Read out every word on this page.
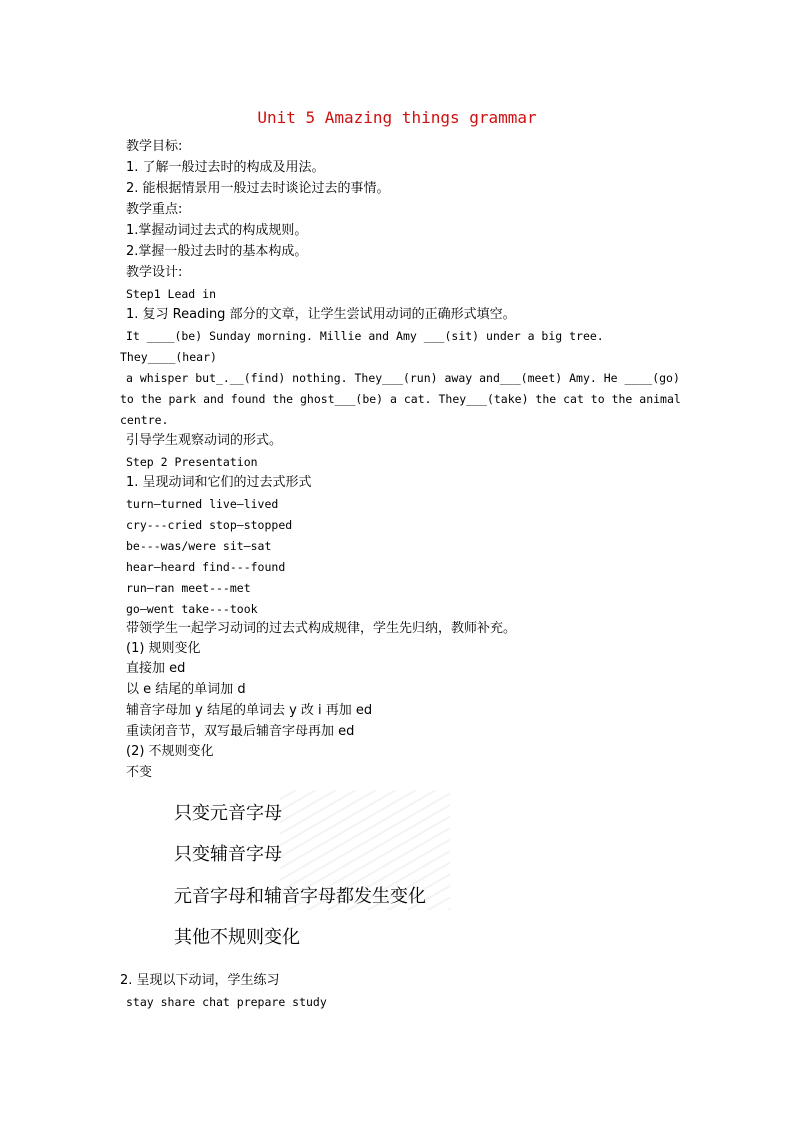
Unit 5 Amazing things grammar
教学目标:
1. 了解一般过去时的构成及用法。
2. 能根据情景用一般过去时谈论过去的事情。
教学重点:
1.掌握动词过去式的构成规则。
2.掌握一般过去时的基本构成。
教学设计:
Step1 Lead in
1. 复习 Reading 部分的文章，让学生尝试用动词的正确形式填空。
It ____(be) Sunday morning. Millie and Amy ___(sit) under a big tree.
They____(hear)
a whisper but_.__(find) nothing. They___(run) away and___(meet) Amy. He ____(go)
to the park and found the ghost___(be) a cat. They___(take) the cat to the animal
centre.
引导学生观察动词的形式。
Step 2 Presentation
1. 呈现动词和它们的过去式形式
turn—turned live—lived
cry---cried stop—stopped
be---was/were sit—sat
hear—heard find---found
run—ran meet---met
go—went take---took
带领学生一起学习动词的过去式构成规律，学生先归纳，教师补充。
(1) 规则变化
直接加 ed
以 e 结尾的单词加 d
辅音字母加 y 结尾的单词去 y 改 i 再加 ed
重读闭音节，双写最后辅音字母再加 ed
(2) 不规则变化
不变
只变元音字母
只变辅音字母
元音字母和辅音字母都发生变化
其他不规则变化
2. 呈现以下动词，学生练习
stay share chat prepare study
